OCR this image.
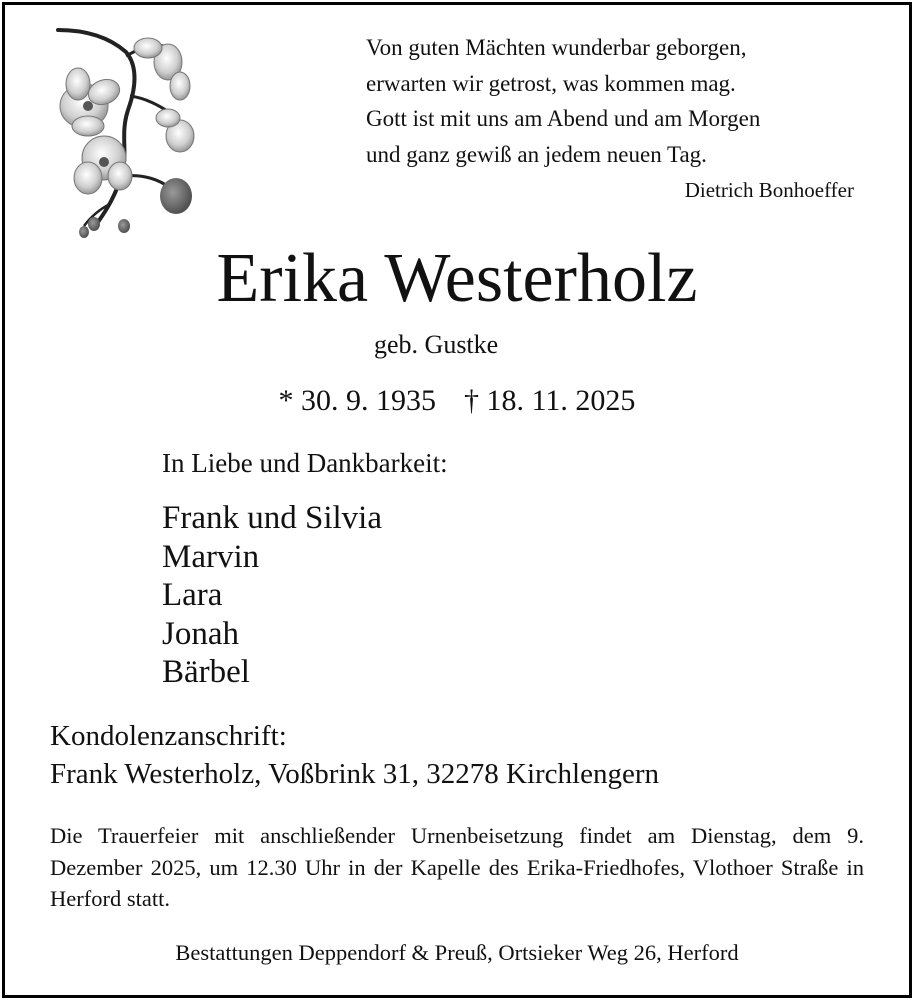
Von guten Mächten wunderbar geborgen,
erwarten wir getrost, was kommen mag.
Gott ist mit uns am Abend und am Morgen
und ganz gewiß an jedem neuen Tag.
Dietrich Bonhoeffer
Erika Westerholz
geb. Gustke
* 30. 9. 1935 † 18. 11. 2025
In Liebe und Dankbarkeit:
Frank und Silvia
Marvin
Lara
Jonah
Bärbel
Kondolenzanschrift:
Frank Westerholz, Voßbrink 31, 32278 Kirchlengern
Die Trauerfeier mit anschließender Urnenbeisetzung findet am Dienstag, dem 9. Dezember 2025, um 12.30 Uhr in der Kapelle des Erika-Friedhofes, Vlothoer Straße in Herford statt.
Bestattungen Deppendorf & Preuß, Ortsieker Weg 26, Herford
